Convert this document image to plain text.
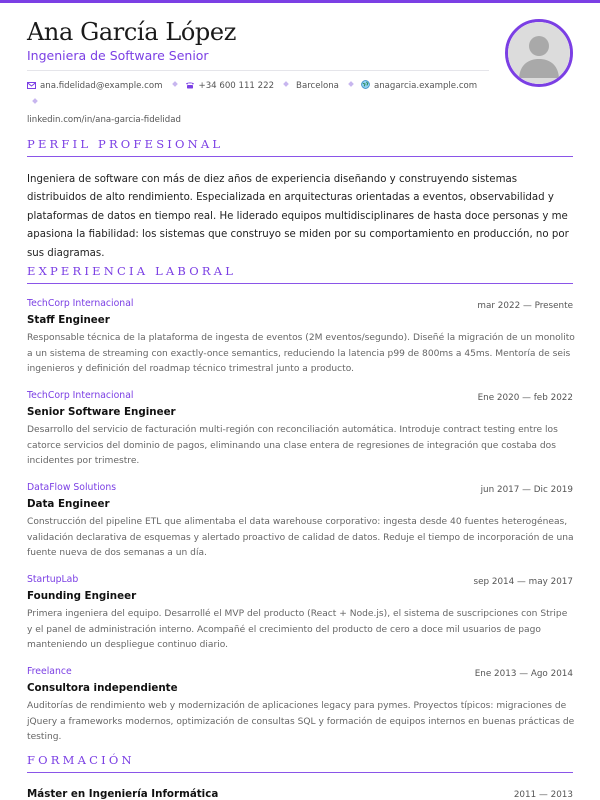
Ana García López
Ingeniera de Software Senior
ana.fidelidad@example.com	+34 600 111 222	Barcelona	anagarcia.example.com
linkedin.com/in/ana-garcia-fidelidad
PERFIL PROFESIONAL

Ingeniera de software con más de diez años de experiencia diseñando y construyendo sistemas distribuidos de alto rendimiento. Especializada en arquitecturas orientadas a eventos, observabilidad y plataformas de datos en tiempo real. He liderado equipos multidisciplinares de hasta doce personas y me apasiona la fiabilidad: los sistemas que construyo se miden por su comportamiento en producción, no por sus diagramas.

EXPERIENCIA LABORAL
TechCorp Internacional	mar 2022 — Presente
Staff Engineer

Responsable técnica de la plataforma de ingesta de eventos (2M eventos/segundo). Diseñé la migración de un monolito a un sistema de streaming con exactly-once semantics, reduciendo la latencia p99 de 800ms a 45ms. Mentoría de seis ingenieros y definición del roadmap técnico trimestral junto a producto.

TechCorp Internacional	Ene 2020 — feb 2022
Senior Software Engineer

Desarrollo del servicio de facturación multi-región con reconciliación automática. Introduje contract testing entre los catorce servicios del dominio de pagos, eliminando una clase entera de regresiones de integración que costaba dos incidentes por trimestre.

DataFlow Solutions	jun 2017 — Dic 2019
Data Engineer

Construcción del pipeline ETL que alimentaba el data warehouse corporativo: ingesta desde 40 fuentes heterogéneas, validación declarativa de esquemas y alertado proactivo de calidad de datos. Reduje el tiempo de incorporación de una fuente nueva de dos semanas a un día.

StartupLab	sep 2014 — may 2017
Founding Engineer

Primera ingeniera del equipo. Desarrollé el MVP del producto (React + Node.js), el sistema de suscripciones con Stripe y el panel de administración interno. Acompañé el crecimiento del producto de cero a doce mil usuarios de pago manteniendo un despliegue continuo diario.

Freelance	Ene 2013 — Ago 2014
Consultora independiente

Auditorías de rendimiento web y modernización de aplicaciones legacy para pymes. Proyectos típicos: migraciones de jQuery a frameworks modernos, optimización de consultas SQL y formación de equipos internos en buenas prácticas de testing.

FORMACIÓN
Máster en Ingeniería Informática	2011 — 2013
